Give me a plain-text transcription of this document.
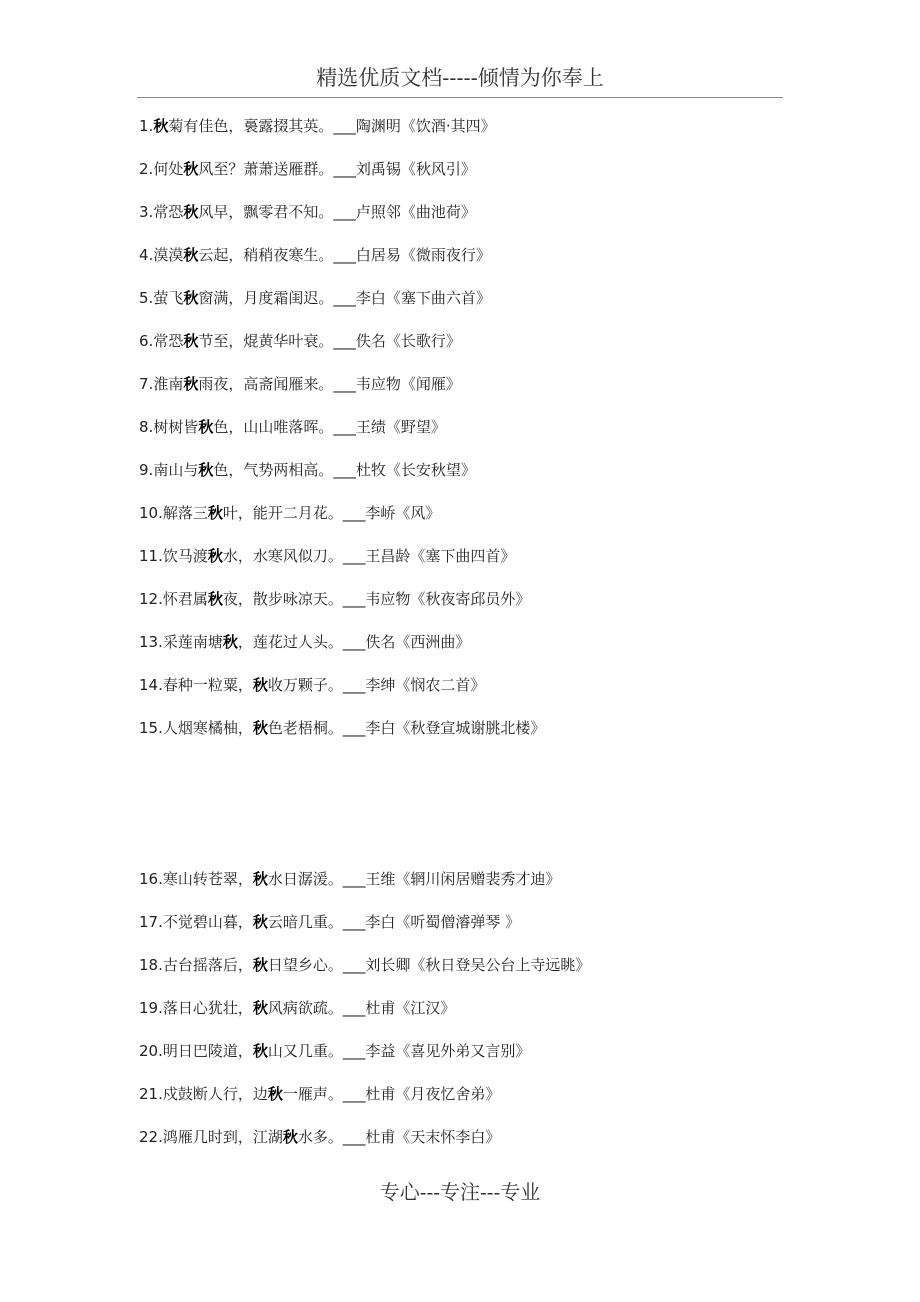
精选优质文档-----倾情为你奉上
1.秋菊有佳色，裛露掇其英。___陶渊明《饮酒·其四》
2.何处秋风至？萧萧送雁群。___刘禹锡《秋风引》
3.常恐秋风早，飘零君不知。___卢照邻《曲池荷》
4.漠漠秋云起，稍稍夜寒生。___白居易《微雨夜行》
5.萤飞秋窗满，月度霜闺迟。___李白《塞下曲六首》
6.常恐秋节至，焜黄华叶衰。___佚名《长歌行》
7.淮南秋雨夜，高斋闻雁来。___韦应物《闻雁》
8.树树皆秋色，山山唯落晖。___王绩《野望》
9.南山与秋色，气势两相高。___杜牧《长安秋望》
10.解落三秋叶，能开二月花。___李峤《风》
11.饮马渡秋水，水寒风似刀。___王昌龄《塞下曲四首》
12.怀君属秋夜，散步咏凉天。___韦应物《秋夜寄邱员外》
13.采莲南塘秋，莲花过人头。___佚名《西洲曲》
14.春种一粒粟，秋收万颗子。___李绅《悯农二首》
15.人烟寒橘柚，秋色老梧桐。___李白《秋登宣城谢朓北楼》
16.寒山转苍翠，秋水日潺湲。___王维《辋川闲居赠裴秀才迪》
17.不觉碧山暮，秋云暗几重。___李白《听蜀僧濬弹琴 》
18.古台摇落后，秋日望乡心。___刘长卿《秋日登吴公台上寺远眺》
19.落日心犹壮，秋风病欲疏。___杜甫《江汉》
20.明日巴陵道，秋山又几重。___李益《喜见外弟又言别》
21.戍鼓断人行，边秋一雁声。___杜甫《月夜忆舍弟》
22.鸿雁几时到，江湖秋水多。___杜甫《天末怀李白》
专心---专注---专业
